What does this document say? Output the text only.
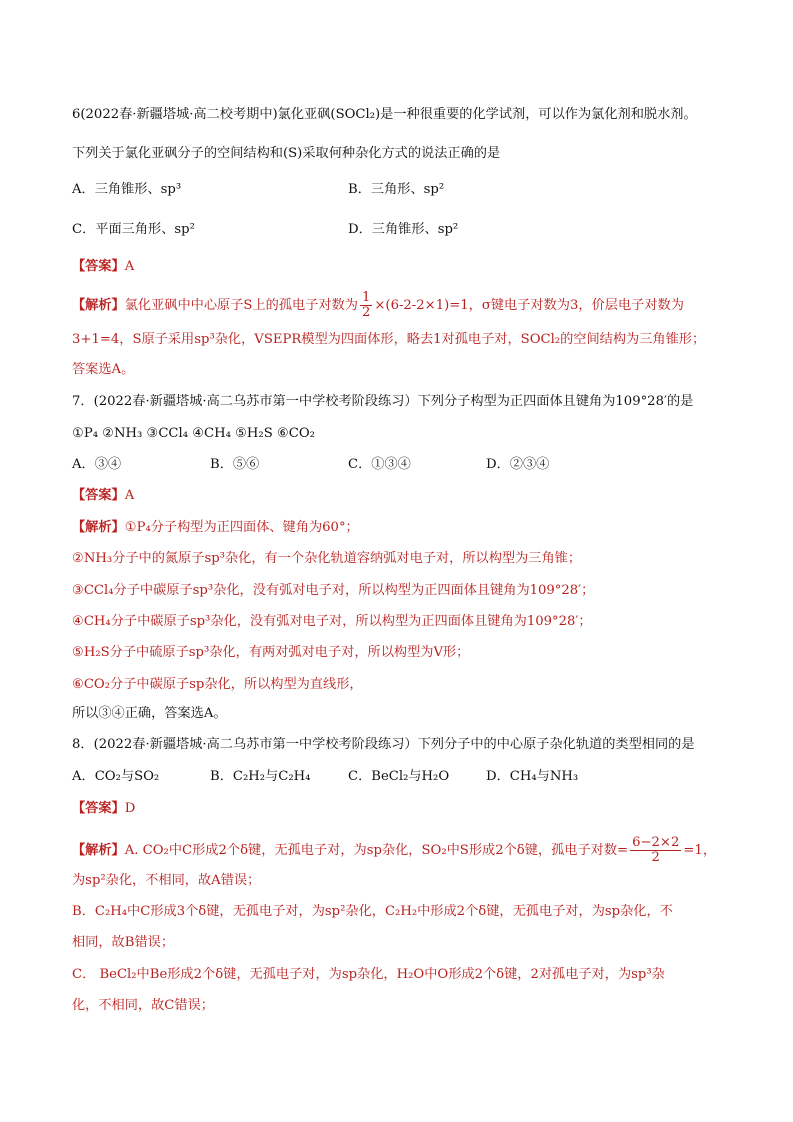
6(2022春·新疆塔城·高二校考期中)氯化亚砜(SOCl₂)是一种很重要的化学试剂，可以作为氯化剂和脱水剂。
下列关于氯化亚砜分子的空间结构和(S)采取何种杂化方式的说法正确的是
A．三角锥形、sp³	B．三角形、sp²
C．平面三角形、sp²	D．三角锥形、sp²
【答案】A
【解析】氯化亚砜中中心原子S上的孤电子对数为 $\frac{1}{2} \times(6-2-2\times 1)=1$，σ键电子对数为3，价层电子对数为
3+1=4，S原子采用sp³杂化，VSEPR模型为四面体形，略去1对孤电子对，SOCl₂的空间结构为三角锥形；
答案选A。
7．(2022春·新疆塔城·高二乌苏市第一中学校考阶段练习）下列分子构型为正四面体且键角为109°28′的是
①P₄ ②NH₃ ③CCl₄ ④CH₄ ⑤H₂S ⑥CO₂
A．③④	B．⑤⑥	C．①③④	D．②③④
【答案】A
【解析】①P₄分子构型为正四面体、键角为60°；
②NH₃分子中的氮原子sp³杂化，有一个杂化轨道容纳弧对电子对，所以构型为三角锥；
③CCl₄分子中碳原子sp³杂化，没有弧对电子对，所以构型为正四面体且键角为109°28′；
④CH₄分子中碳原子sp³杂化，没有弧对电子对，所以构型为正四面体且键角为109°28′；
⑤H₂S分子中硫原子sp³杂化，有两对弧对电子对，所以构型为V形；
⑥CO₂分子中碳原子sp杂化，所以构型为直线形，
所以③④正确，答案选A。
8．(2022春·新疆塔城·高二乌苏市第一中学校考阶段练习）下列分子中的中心原子杂化轨道的类型相同的是
A．CO₂与SO₂	B．C₂H₂与C₂H₄	C．BeCl₂与H₂O	D．CH₄与NH₃
【答案】D
【解析】A. CO₂中C形成2个δ键，无孤电子对，为sp杂化，SO₂中S形成2个δ键，孤电子对数= $\frac{6-2\times 2}{2} =1$，
为sp²杂化，不相同，故A错误；
B．C₂H₄中C形成3个δ键，无孤电子对，为sp²杂化，C₂H₂中形成2个δ键，无孤电子对，为sp杂化，不
相同，故B错误；
C． BeCl₂中Be形成2个δ键，无孤电子对，为sp杂化，H₂O中O形成2个δ键，2对孤电子对，为sp³杂
化，不相同，故C错误；
